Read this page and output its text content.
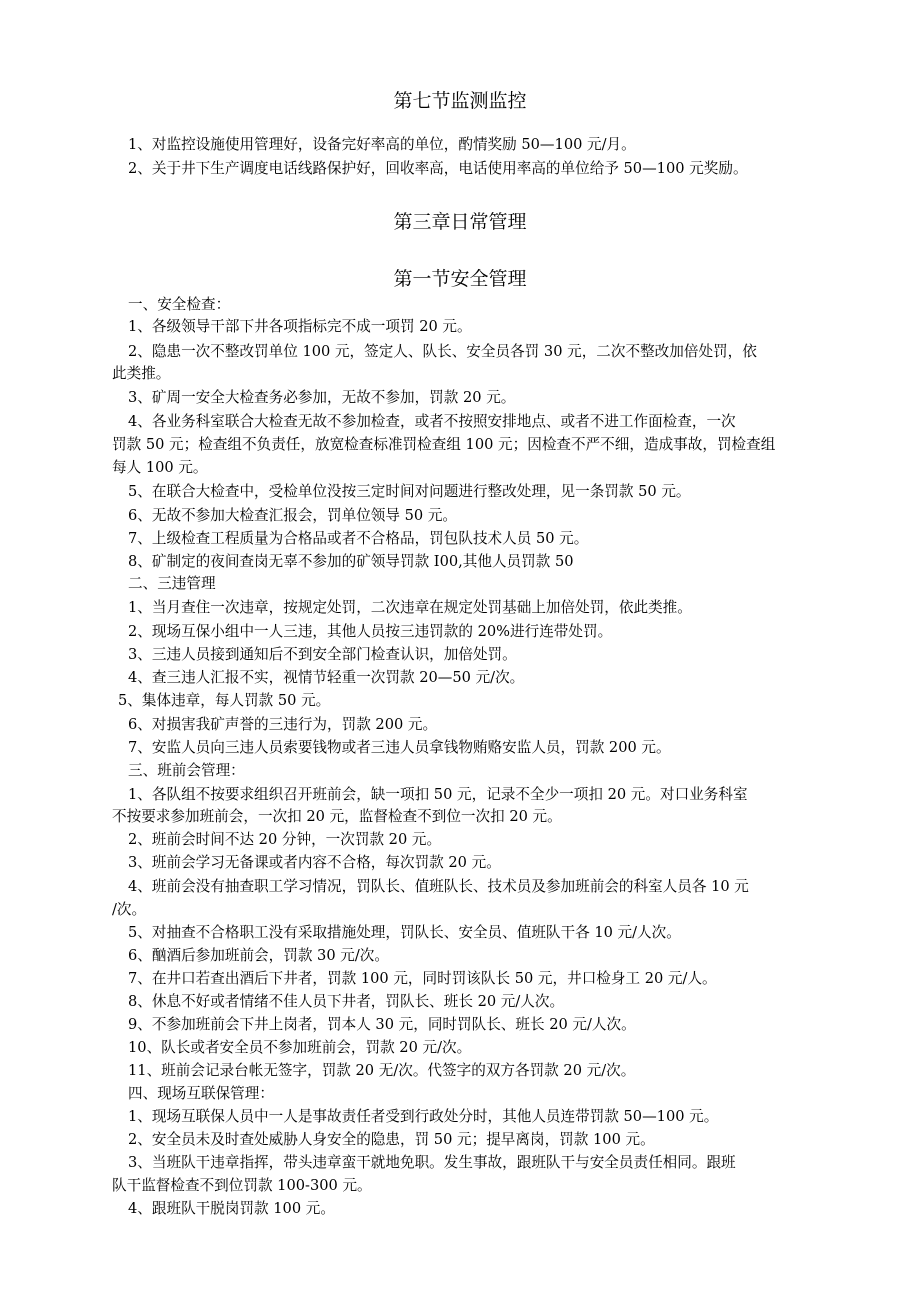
第七节监测监控

1、对监控设施使用管理好，设备完好率高的单位，酌情奖励 50—100 元/月。

2、关于井下生产调度电话线路保护好，回收率高，电话使用率高的单位给予 50—100 元奖励。

第三章日常管理
第一节安全管理

一、安全检查：

1、各级领导干部下井各项指标完不成一项罚 20 元。

2、隐患一次不整改罚单位 100 元，签定人、队长、安全员各罚 30 元，二次不整改加倍处罚，依

此类推。

3、矿周一安全大检查务必参加，无故不参加，罚款 20 元。

4、各业务科室联合大检查无故不参加检查，或者不按照安排地点、或者不进工作面检查，一次

罚款 50 元；检查组不负责任，放宽检查标准罚检查组 100 元；因检查不严不细，造成事故，罚检查组

每人 100 元。

5、在联合大检查中，受检单位没按三定时间对问题进行整改处理，见一条罚款 50 元。

6、无故不参加大检查汇报会，罚单位领导 50 元。

7、上级检查工程质量为合格品或者不合格品，罚包队技术人员 50 元。

8、矿制定的夜间查岗无辜不参加的矿领导罚款 I00,其他人员罚款 50

二、三违管理

1、当月查住一次违章，按规定处罚，二次违章在规定处罚基础上加倍处罚，依此类推。

2、现场互保小组中一人三违，其他人员按三违罚款的 20%进行连带处罚。

3、三违人员接到通知后不到安全部门检查认识，加倍处罚。

4、查三违人汇报不实，视情节轻重一次罚款 20—50 元/次。

5、集体违章，每人罚款 50 元。

6、对损害我矿声誉的三违行为，罚款 200 元。

7、安监人员向三违人员索要钱物或者三违人员拿钱物贿赂安监人员，罚款 200 元。

三、班前会管理：

1、各队组不按要求组织召开班前会，缺一项扣 50 元，记录不全少一项扣 20 元。对口业务科室

不按要求参加班前会，一次扣 20 元，监督检查不到位一次扣 20 元。

2、班前会时间不达 20 分钟，一次罚款 20 元。

3、班前会学习无备课或者内容不合格，每次罚款 20 元。

4、班前会没有抽查职工学习情况，罚队长、值班队长、技术员及参加班前会的科室人员各 10 元

/次。

5、对抽查不合格职工没有采取措施处理，罚队长、安全员、值班队干各 10 元/人次。

6、酗酒后参加班前会，罚款 30 元/次。

7、在井口若查出酒后下井者，罚款 100 元，同时罚该队长 50 元，井口检身工 20 元/人。

8、休息不好或者情绪不佳人员下井者，罚队长、班长 20 元/人次。

9、不参加班前会下井上岗者，罚本人 30 元，同时罚队长、班长 20 元/人次。

10、队长或者安全员不参加班前会，罚款 20 元/次。

11、班前会记录台帐无签字，罚款 20 无/次。代签字的双方各罚款 20 元/次。

四、现场互联保管理：

1、现场互联保人员中一人是事故责任者受到行政处分时，其他人员连带罚款 50—100 元。

2、安全员未及时查处威胁人身安全的隐患，罚 50 元；提早离岗，罚款 100 元。

3、当班队干违章指挥，带头违章蛮干就地免职。发生事故，跟班队干与安全员责任相同。跟班

队干监督检查不到位罚款 100-300 元。

4、跟班队干脱岗罚款 100 元。
